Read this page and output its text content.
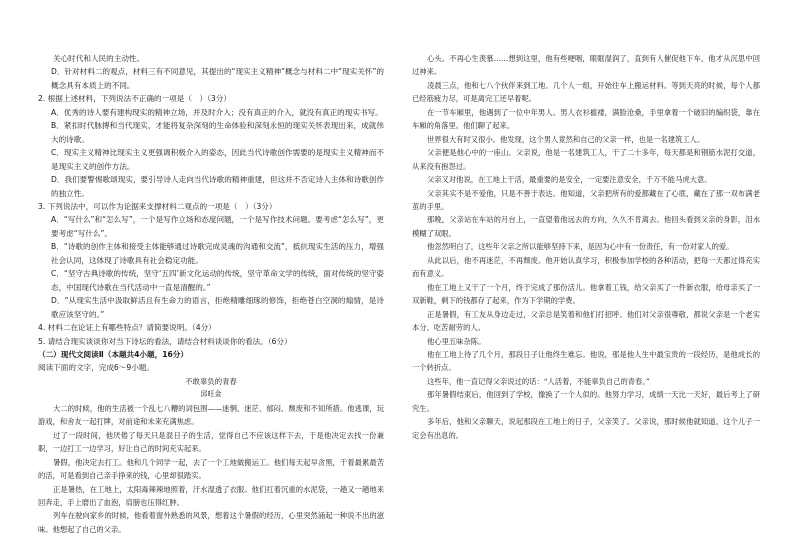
关心时代和人民的主动性。

D．针对材料二的观点，材料三有不同意见，其提出的“现实主义精神”概念与材料二中“现实关怀”的概念具有本质上的不同。

2. 根据上述材料，下列说法不正确的一项是（　）（3分）

A．优秀的诗人要有建构现实的精神立场，并及时介入；没有真正的介入，就没有真正的现实书写。

B．紧扣时代脉搏和当代现实，才能将复杂深刻的生命体验和深刻永恒的现实关怀表现出来，成就伟大的诗歌。

C．现实主义精神比现实主义更强调积极介入的姿态，因此当代诗歌创作需要的是现实主义精神而不是现实主义的创作方法。

D．我们要警惕歌颂现实，要引导诗人走向当代诗歌的精神重建，但这并不否定诗人主体和诗歌创作的独立性。

3. 下列说法中，可以作为论据来支撑材料二观点的一项是（　）（3分）

A．“写什么”和“怎么写”，一个是写作立场和态度问题，一个是写作技术问题。要考虑“怎么写”，更要考虑“写什么”。

B．“诗歌的创作主体和接受主体能够通过诗歌完成灵魂的沟通和交流”，抵抗现实生活的压力，增强社会认同，这体现了诗歌具有社会稳定功能。

C．“坚守古典诗歌的传统，坚守‘五四’新文化运动的传统，坚守革命文学的传统，面对传统的坚守姿态，中国现代诗歌在当代活动中一直是清醒的。”

D．“从现实生活中汲取鲜活且有生命力的语言，拒绝精雕细琢的修饰，拒绝苍白空洞的煽情，是诗歌应该坚守的。”

4. 材料二在论证上有哪些特点？请简要说明。（4分）

5. 请结合现实谈谈你对当下诗坛的看法，请结合材料谈谈你的看法。（6分）

（二）现代文阅读Ⅱ（本题共4小题，16分）

阅读下面的文字，完成6～9小题。

不敢辜负的青春

邱旺金

大二的时候，他的生活被一个乱七八糟的词包围——迷惘、迷茫、郁闷、颓废和不知所措。他逃课，玩游戏，和舍友一起打牌，对前途和未来充满焦虑。

过了一段时间，他厌倦了每天只是混日子的生活，觉得自己不应该这样下去，于是他决定去找一份兼职，一边打工一边学习，好让自己的时间充实起来。

暑假，他决定去打工。他和几个同学一起，去了一个工地做搬运工。他们每天起早贪黑，干着最累最苦的活，可是看到自己亲手挣来的钱，心里却很踏实。

正是暑热，在工地上，太阳毒辣辣地照着，汗水湿透了衣服。他们扛着沉重的水泥袋，一趟又一趟地来回奔走，手上磨出了血泡，肩膀也压得红肿。

列车在驶向家乡的时候，他看着窗外熟悉的风景，想着这个暑假的经历，心里突然涌起一种说不出的滋味。他想起了自己的父亲。

心头。不再心生羡慕……想到这里，他有些哽咽，眼眶湿润了，直到有人催促他下车，他才从沉思中回过神来。

凌晨三点，他和七八个伙伴来到工地。几个人一组，开始往车上搬运材料。等到天亮的时候，每个人都已经筋疲力尽，可是离完工还早着呢。

在一节车厢里，他遇到了一位中年男人。男人衣衫褴褛，满脸沧桑，手里拿着一个破旧的编织袋，靠在车厢的角落里。他们聊了起来。

世界很大有时又很小。他发现，这个男人竟然和自己的父亲一样，也是一名建筑工人。

父亲便是他心中的一座山。父亲说，他是一名建筑工人，干了二十多年，每天都是和钢筋水泥打交道，从来没有抱怨过。

父亲又对他说，在工地上干活，最重要的是安全，一定要注意安全，千万不能马虎大意。

父亲其实不是不爱他，只是不善于表达。他知道，父亲把所有的爱都藏在了心底，藏在了那一双布满老茧的手里。

那晚，父亲站在车站的月台上，一直望着他远去的方向，久久不肯离去。他回头看到父亲的身影，泪水模糊了双眼。

他忽然明白了，这些年父亲之所以能够坚持下来，是因为心中有一份责任，有一份对家人的爱。

从此以后，他不再迷茫，不再颓废。他开始认真学习，积极参加学校的各种活动，把每一天都过得充实而有意义。

他在工地上又干了一个月，终于完成了那份活儿。他拿着工钱，给父亲买了一件新衣服，给母亲买了一双新鞋，剩下的钱都存了起来，作为下学期的学费。

正是暑假，有工友从身边走过，父亲总是笑着和他们打招呼。他们对父亲很尊敬，都说父亲是一个老实本分、吃苦耐劳的人。

他心里五味杂陈。

他在工地上待了几个月，那段日子让他终生难忘。他说，那是他人生中最宝贵的一段经历，是他成长的一个转折点。

这些年，他一直记得父亲说过的话：“人活着，不能辜负自己的青春。”

那年暑假结束后，他回到了学校，像换了一个人似的。他努力学习，成绩一天比一天好，最后考上了研究生。

多年后，他和父亲聊天，说起那段在工地上的日子，父亲笑了。父亲说，那时候他就知道，这个儿子一定会有出息的。
